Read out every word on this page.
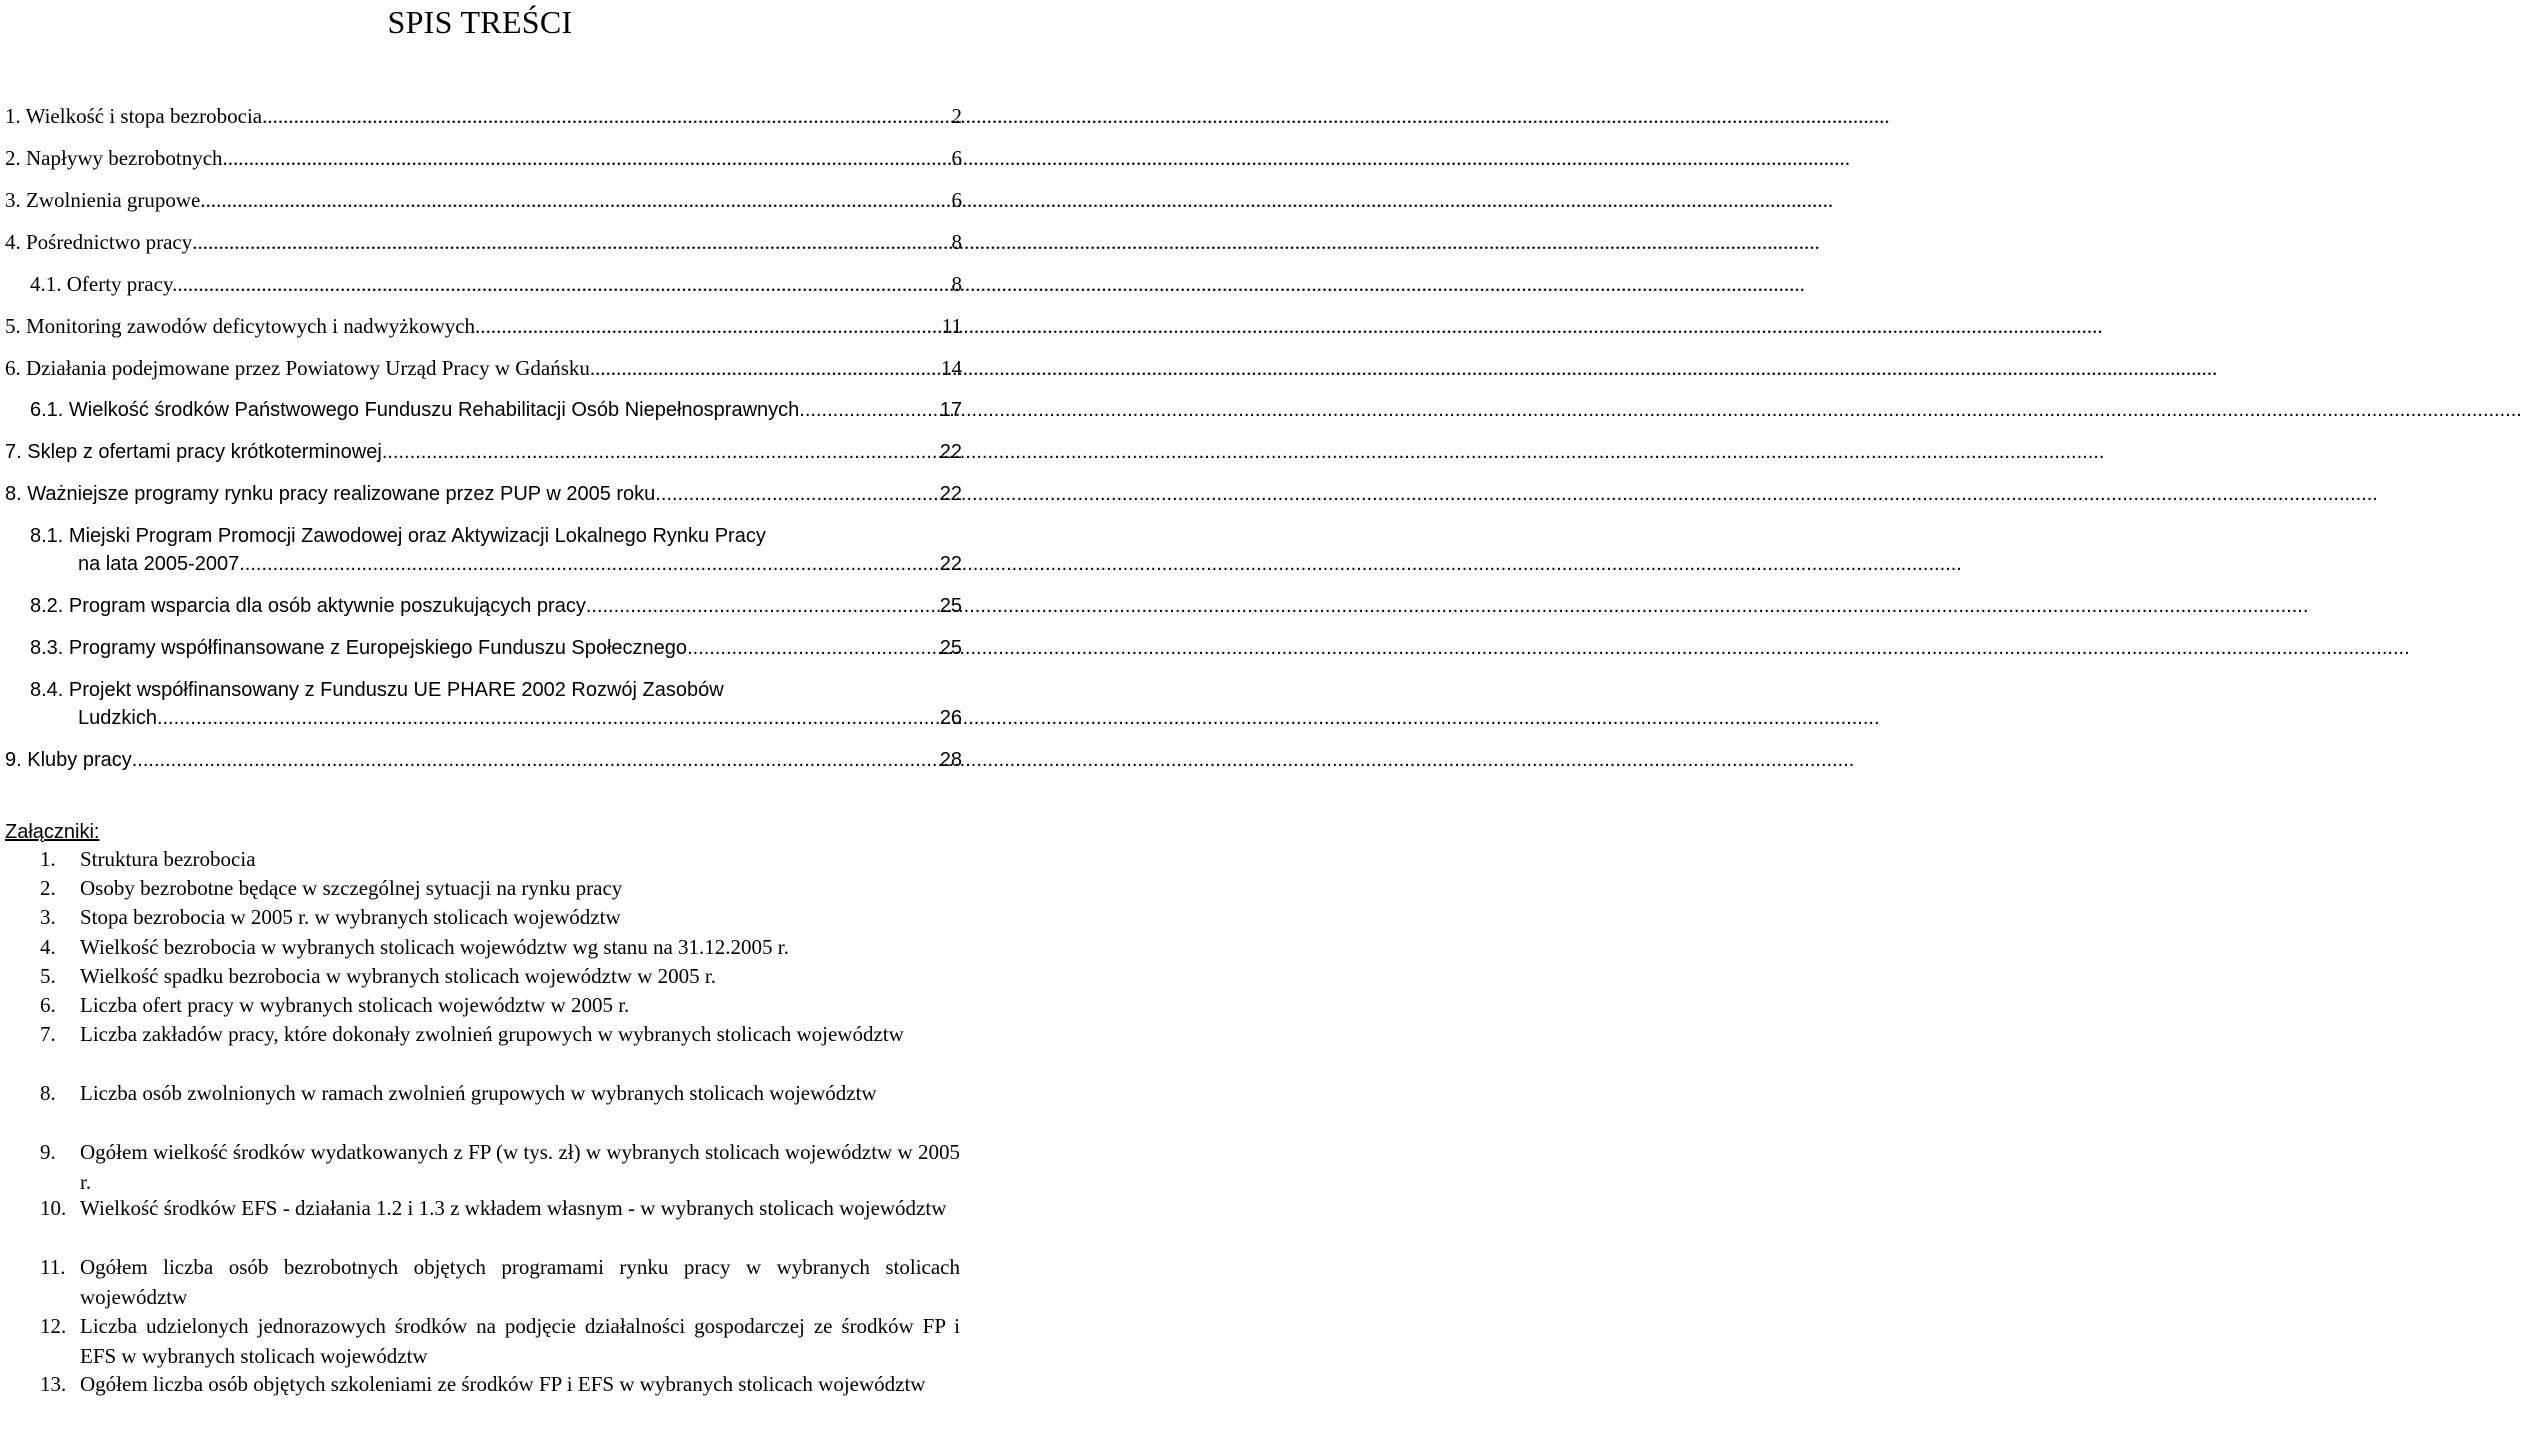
SPIS TREŚCI
1. Wielkość i stopa bezrobocia .....	2
2. Napływy bezrobotnych .....	6
3. Zwolnienia grupowe. .....	6
4. Pośrednictwo pracy .....	8
4.1. Oferty pracy. .....	8
5. Monitoring zawodów deficytowych i nadwyżkowych .....	11
6. Działania podejmowane przez Powiatowy Urząd Pracy w Gdańsku .....	14
6.1. Wielkość środków Państwowego Funduszu Rehabilitacji Osób Niepełnosprawnych .....	17
7. Sklep z ofertami pracy krótkoterminowej .....	22
8. Ważniejsze programy rynku pracy realizowane przez PUP w 2005 roku .....	22
8.1. Miejski Program Promocji Zawodowej oraz Aktywizacji Lokalnego Rynku Pracy
na lata 2005-2007 .....	22
8.2. Program wsparcia dla osób aktywnie poszukujących pracy .....	25
8.3. Programy współfinansowane z Europejskiego Funduszu Społecznego .....	25
8.4. Projekt współfinansowany z Funduszu UE PHARE 2002 Rozwój Zasobów
Ludzkich .....	26
9. Kluby pracy .....	28
Załączniki:
1.	Struktura bezrobocia
2.	Osoby bezrobotne będące w szczególnej sytuacji na rynku pracy
3.	Stopa bezrobocia w 2005 r. w wybranych stolicach województw
4.	Wielkość bezrobocia w wybranych stolicach województw wg stanu na 31.12.2005 r.
5.	Wielkość spadku bezrobocia w wybranych stolicach województw w 2005 r.
6.	Liczba ofert pracy w wybranych stolicach województw w 2005 r.
7.	Liczba zakładów pracy, które dokonały zwolnień grupowych w wybranych stolicach województw
8.	Liczba osób zwolnionych w ramach zwolnień grupowych w wybranych stolicach województw
9.	Ogółem wielkość środków wydatkowanych z FP (w tys. zł) w wybranych stolicach województw w 2005 r.
10. Wielkość środków EFS - działania 1.2 i 1.3 z wkładem własnym - w wybranych stolicach województw
11. Ogółem liczba osób bezrobotnych objętych programami rynku pracy w wybranych stolicach województw
12. Liczba udzielonych jednorazowych środków na podjęcie działalności gospodarczej ze środków FP i EFS w wybranych stolicach województw
13. Ogółem liczba osób objętych szkoleniami ze środków FP i EFS w wybranych stolicach województw
